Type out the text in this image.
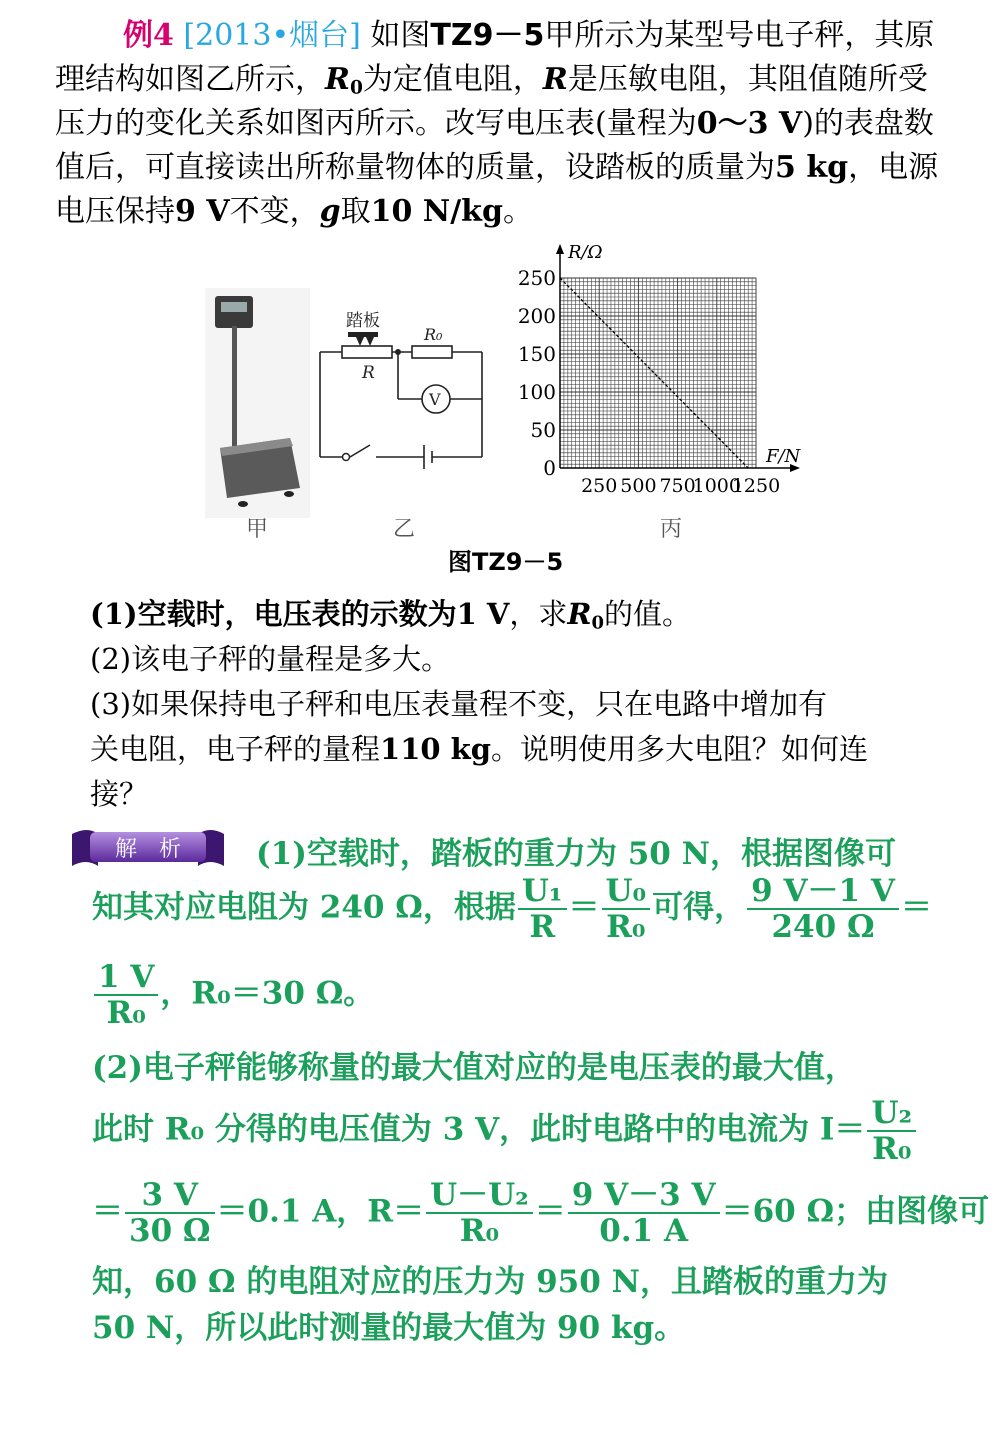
例4 [2013•烟台] 如图TZ9－5甲所示为某型号电子秤，其原理结构如图乙所示，$R_0$为定值电阻，R是压敏电阻，其阻值随所受压力的变化关系如图丙所示。改写电压表(量程为0～3 V)的表盘数值后，可直接读出所称量物体的质量，设踏板的质量为5 kg，电源电压保持9 V不变，g取10 N/kg。
踏板
R₀
R
V
R/Ω
F/N
0
50
100
150
200
250
250 500 750
1000
1250
甲	乙	丙
图TZ9－5

(1)空载时，电压表的示数为1 V，求$R_0$的值。

(2)该电子秤的量程是多大。

(3)如果保持电子秤和电压表量程不变，只在电路中增加有

关电阻，电子秤的量程110 kg。说明使用多大电阻？如何连

接？

解　析 (1)空载时，踏板的重力为 50 N，根据图像可
知其对应电阻为 240 Ω，根据 $\frac{\text{U₁}}{R} = \frac{\text{U₀}}{\text{R₀}}$ 可得， $\frac{9 V-1 V}{240 \Omega}$ ＝
$\frac{1 V}{\text{R₀}}$ ，R₀＝30 Ω。
(2)电子秤能够称量的最大值对应的是电压表的最大值，
此时 R₀ 分得的电压值为 3 V，此时电路中的电流为 $I= \frac{\text{U₂}}{\text{R₀}}$
＝ $\frac{3 V}{30 \Omega} =0.1$ A，$R= \frac{\text{U－U₂}}{\text{R₀}} = \frac{9 V-3 V}{0.1 A} =60$ Ω；由图像可
知，60 Ω 的电阻对应的压力为 950 N，且踏板的重力为
50 N，所以此时测量的最大值为 90 kg。
